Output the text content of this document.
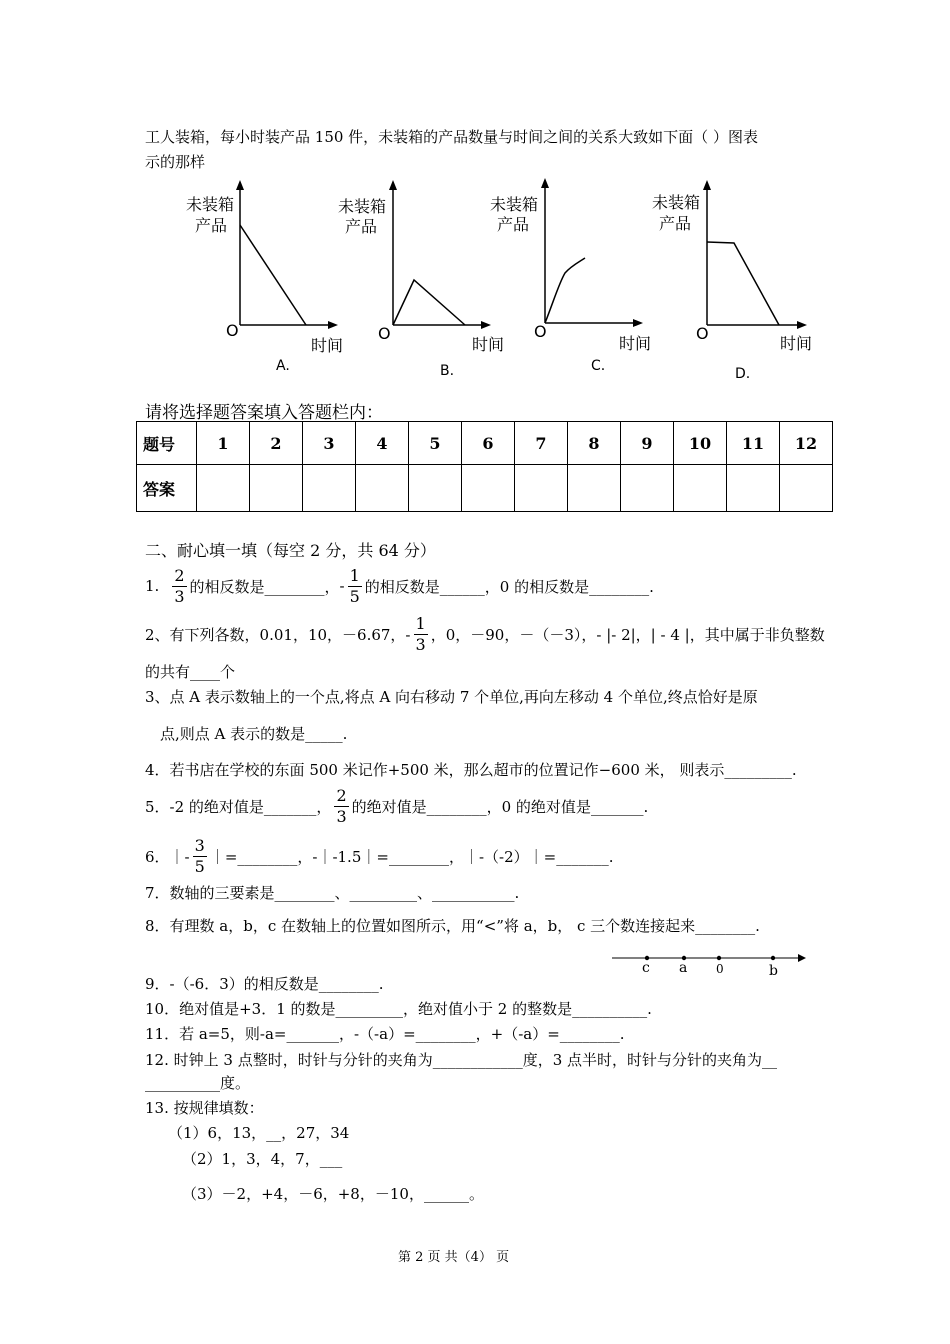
工人装箱，每小时装产品 150 件，未装箱的产品数量与时间之间的关系大致如下面（ ）图表
示的那样
未装箱
产品
O
时间
A.
未装箱
产品
O
时间
B.
未装箱
产品
O
时间
C.
未装箱
产品
O
时间
D.
请将选择题答案填入答题栏内：
题号	1	2	3	4	5	6	7	8	9	10	11	12
答案												
二、耐心填一填（每空 2 分，共 64 分）
1. $\frac{2}{3}$ 的相反数是________， - $\frac{1}{5}$ 的相反数是______，0 的相反数是________.
2、有下列各数，0.01，10，－6.67，- $\frac{1}{3}$ ，0，－90，－（－3），- |- 2|，| - 4 |，其中属于非负整数
的共有____个
3、点 A 表示数轴上的一个点,将点 A 向右移动 7 个单位,再向左移动 4 个单位,终点恰好是原
点,则点 A 表示的数是_____.
4．若书店在学校的东面 500 米记作+500 米，那么超市的位置记作−600 米， 则表示_________.
5．-2 的绝对值是_______， $\frac{2}{3}$ 的绝对值是________，0 的绝对值是_______.
6．｜- $\frac{3}{5}$ ｜=________，-｜-1.5｜=________，｜-（-2）｜=_______.
7．数轴的三要素是________、_________、___________.
8．有理数 a，b，c 在数轴上的位置如图所示，用“<”将 a，b， c 三个数连接起来________.
c a 0	b
9．-（-6．3）的相反数是________.
10．绝对值是+3．1 的数是_________，绝对值小于 2 的整数是__________.
11．若 a=5，则-a=_______，-（-a）=________，+（-a）=________.
12. 时钟上 3 点整时，时针与分针的夹角为____________度，3 点半时，时针与分针的夹角为__
__________度。
13. 按规律填数：
（1）6，13，__，27，34
（2）1，3，4，7，___
（3）－2，+4，－6，+8，－10，______。
第 2 页 共（4） 页
